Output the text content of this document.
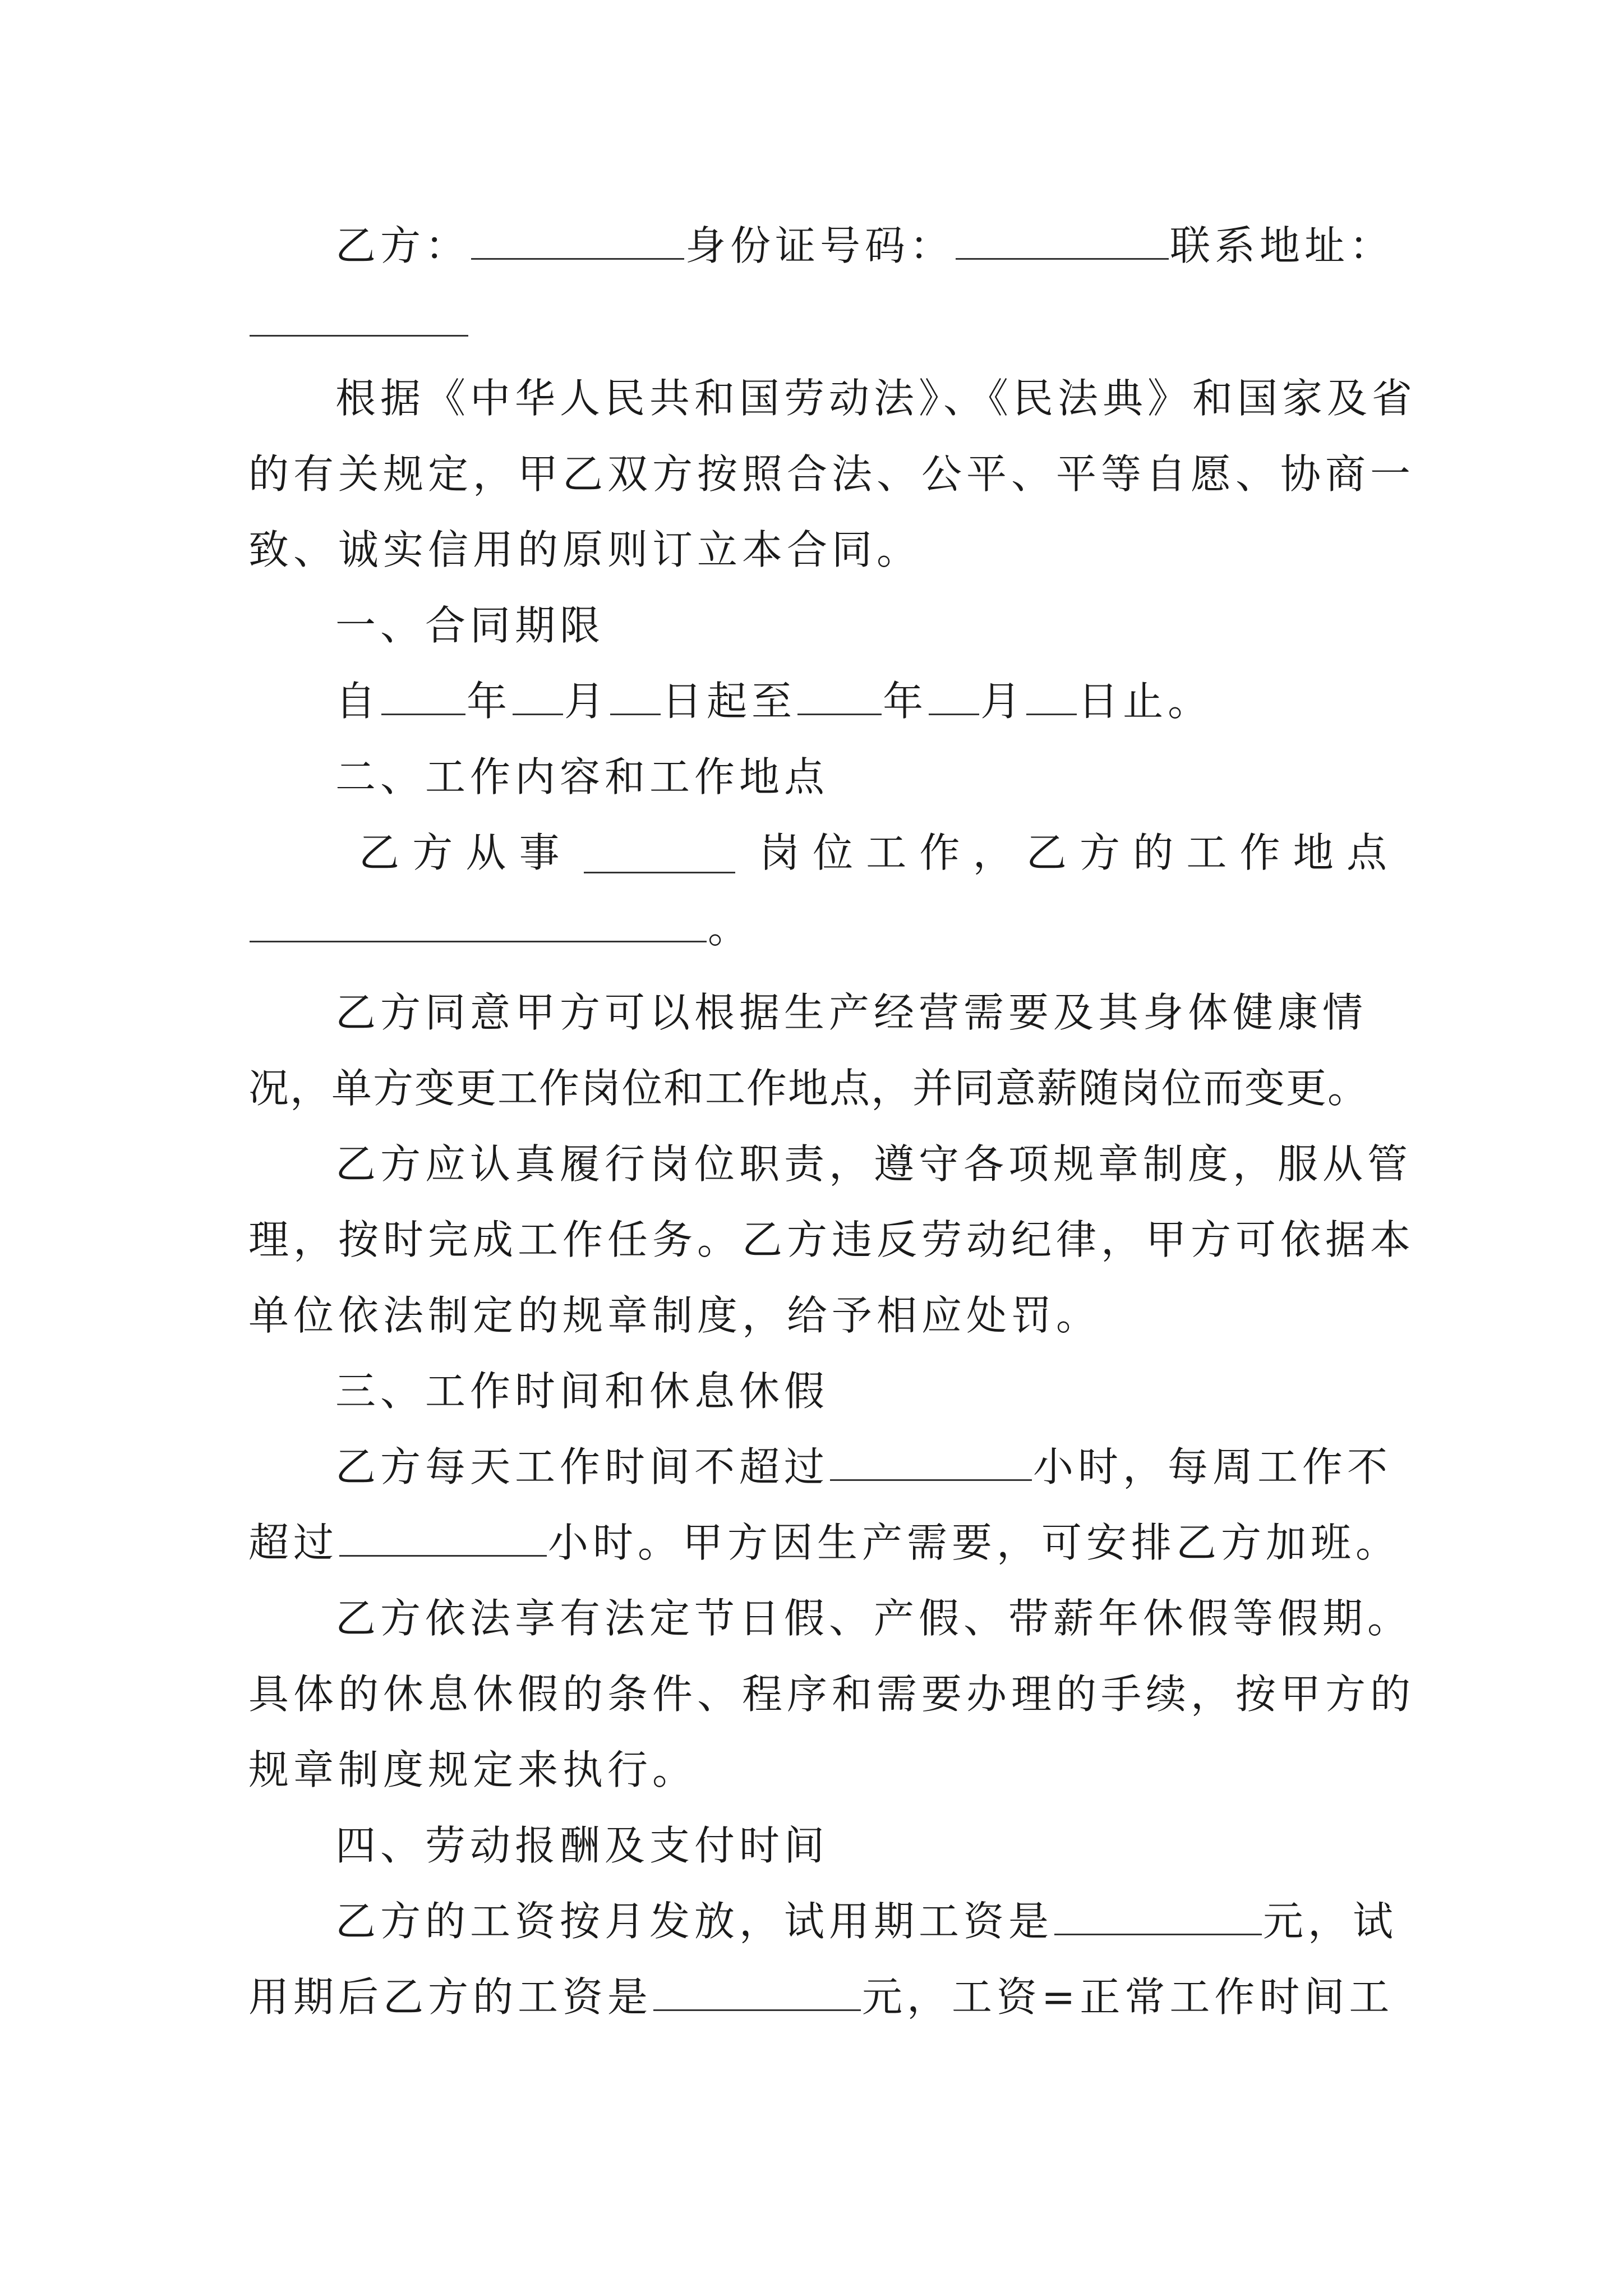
乙方：	身份证号码：	联系地址：
根据《中华人民共和国劳动法》、《民法典》和国家及省
的有关规定，甲乙双方按照合法、公平、平等自愿、协商一
致、诚实信用的原则订立本合同。
一、合同期限
自 年 月 日起至 年 月 日止。
二、工作内容和工作地点
乙 方 从 事	岗 位 工 作 ， 乙 方 的 工 作 地 点
。
乙方同意甲方可以根据生产经营需要及其身体健康情
况，单方变更工作岗位和工作地点，并同意薪随岗位而变更。
乙方应认真履行岗位职责，遵守各项规章制度，服从管
理，按时完成工作任务。乙方违反劳动纪律，甲方可依据本
单位依法制定的规章制度，给予相应处罚。
三、工作时间和休息休假
乙方每天工作时间不超过	小时，每周工作不
超过	小时。甲方因生产需要，可安排乙方加班。
乙方依法享有法定节日假、产假、带薪年休假等假期。
具体的休息休假的条件、程序和需要办理的手续，按甲方的
规章制度规定来执行。
四、劳动报酬及支付时间
乙方的工资按月发放，试用期工资是	元，试
用期后乙方的工资是	元，工资=正常工作时间工
